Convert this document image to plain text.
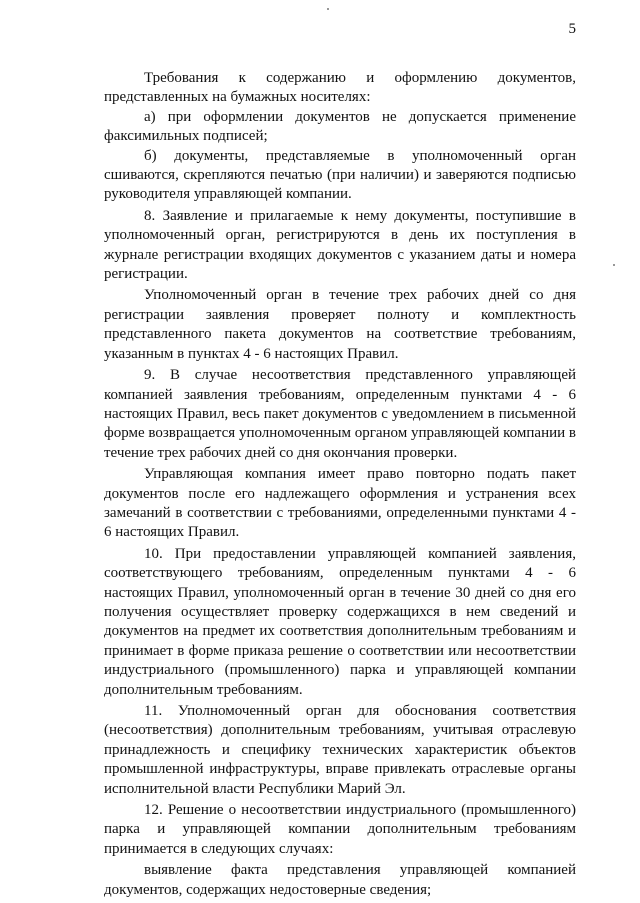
5

Требования к содержанию и оформлению документов, представленных на бумажных носителях:

а) при оформлении документов не допускается применение факсимильных подписей;

б) документы, представляемые в уполномоченный орган сшиваются, скрепляются печатью (при наличии) и заверяются подписью руководителя управляющей компании.

8. Заявление и прилагаемые к нему документы, поступившие в уполномоченный орган, регистрируются в день их поступления в журнале регистрации входящих документов с указанием даты и номера регистрации.

Уполномоченный орган в течение трех рабочих дней со дня регистрации заявления проверяет полноту и комплектность представленного пакета документов на соответствие требованиям, указанным в пунктах 4 - 6 настоящих Правил.

9. В случае несоответствия представленного управляющей компанией заявления требованиям, определенным пунктами 4 - 6 настоящих Правил, весь пакет документов с уведомлением в письменной форме возвращается уполномоченным органом управляющей компании в течение трех рабочих дней со дня окончания проверки.

Управляющая компания имеет право повторно подать пакет документов после его надлежащего оформления и устранения всех замечаний в соответствии с требованиями, определенными пунктами 4 - 6 настоящих Правил.

10. При предоставлении управляющей компанией заявления, соответствующего требованиям, определенным пунктами 4 - 6 настоящих Правил, уполномоченный орган в течение 30 дней со дня его получения осуществляет проверку содержащихся в нем сведений и документов на предмет их соответствия дополнительным требованиям и принимает в форме приказа решение о соответствии или несоответствии индустриального (промышленного) парка и управляющей компании дополнительным требованиям.

11. Уполномоченный орган для обоснования соответствия (несоответствия) дополнительным требованиям, учитывая отраслевую принадлежность и специфику технических характеристик объектов промышленной инфраструктуры, вправе привлекать отраслевые органы исполнительной власти Республики Марий Эл.

12. Решение о несоответствии индустриального (промышленного) парка и управляющей компании дополнительным требованиям принимается в следующих случаях:

выявление факта представления управляющей компанией документов, содержащих недостоверные сведения;
